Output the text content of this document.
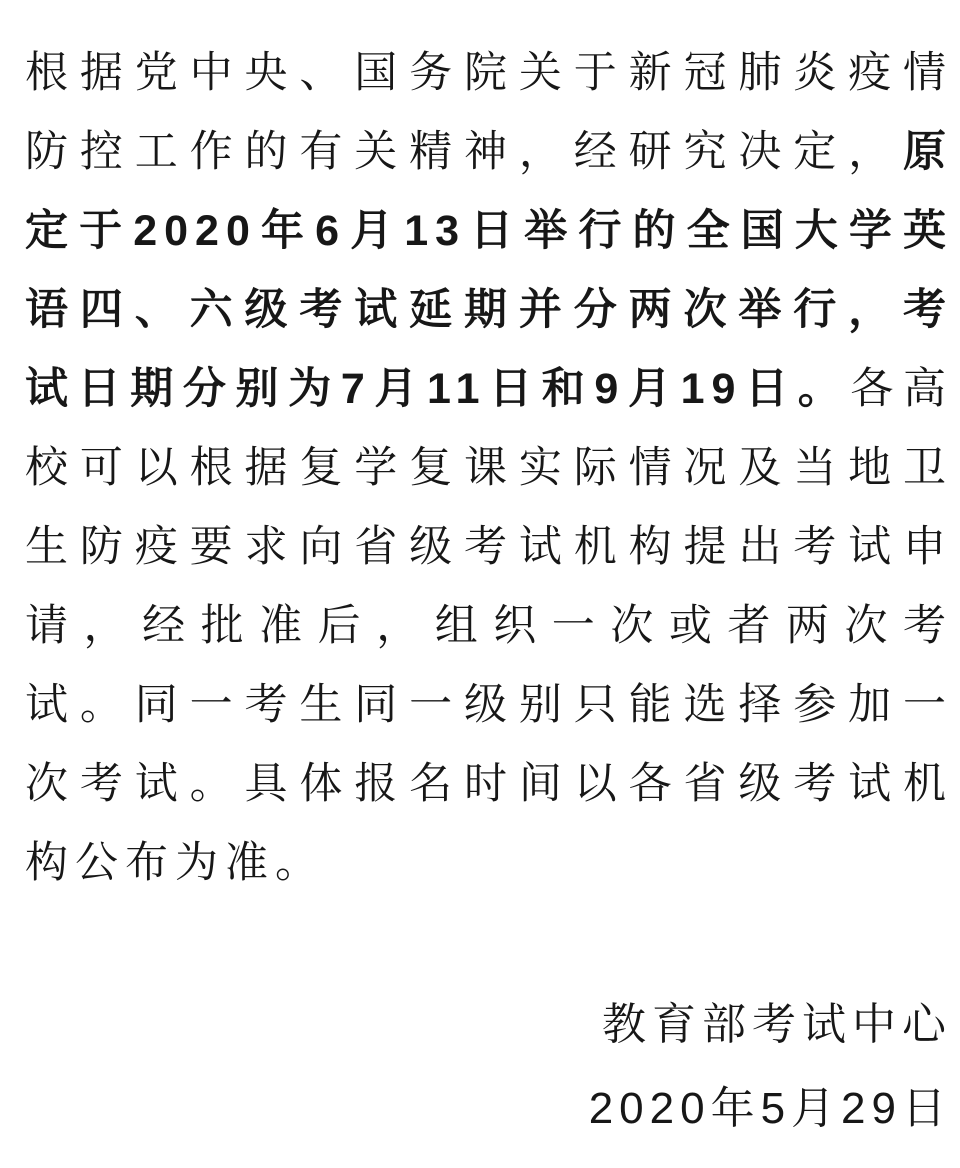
根据党中央、国务院关于新冠肺炎疫情
防控工作的有关精神，经研究决定，原
定于2020年6月13日举行的全国大学英
语四、六级考试延期并分两次举行，考
试日期分别为7月11日和9月19日。各高
校可以根据复学复课实际情况及当地卫
生防疫要求向省级考试机构提出考试申
请，经批准后，组织一次或者两次考
试。同一考生同一级别只能选择参加一
次考试。具体报名时间以各省级考试机
构公布为准。
教育部考试中心
2020年5月29日
